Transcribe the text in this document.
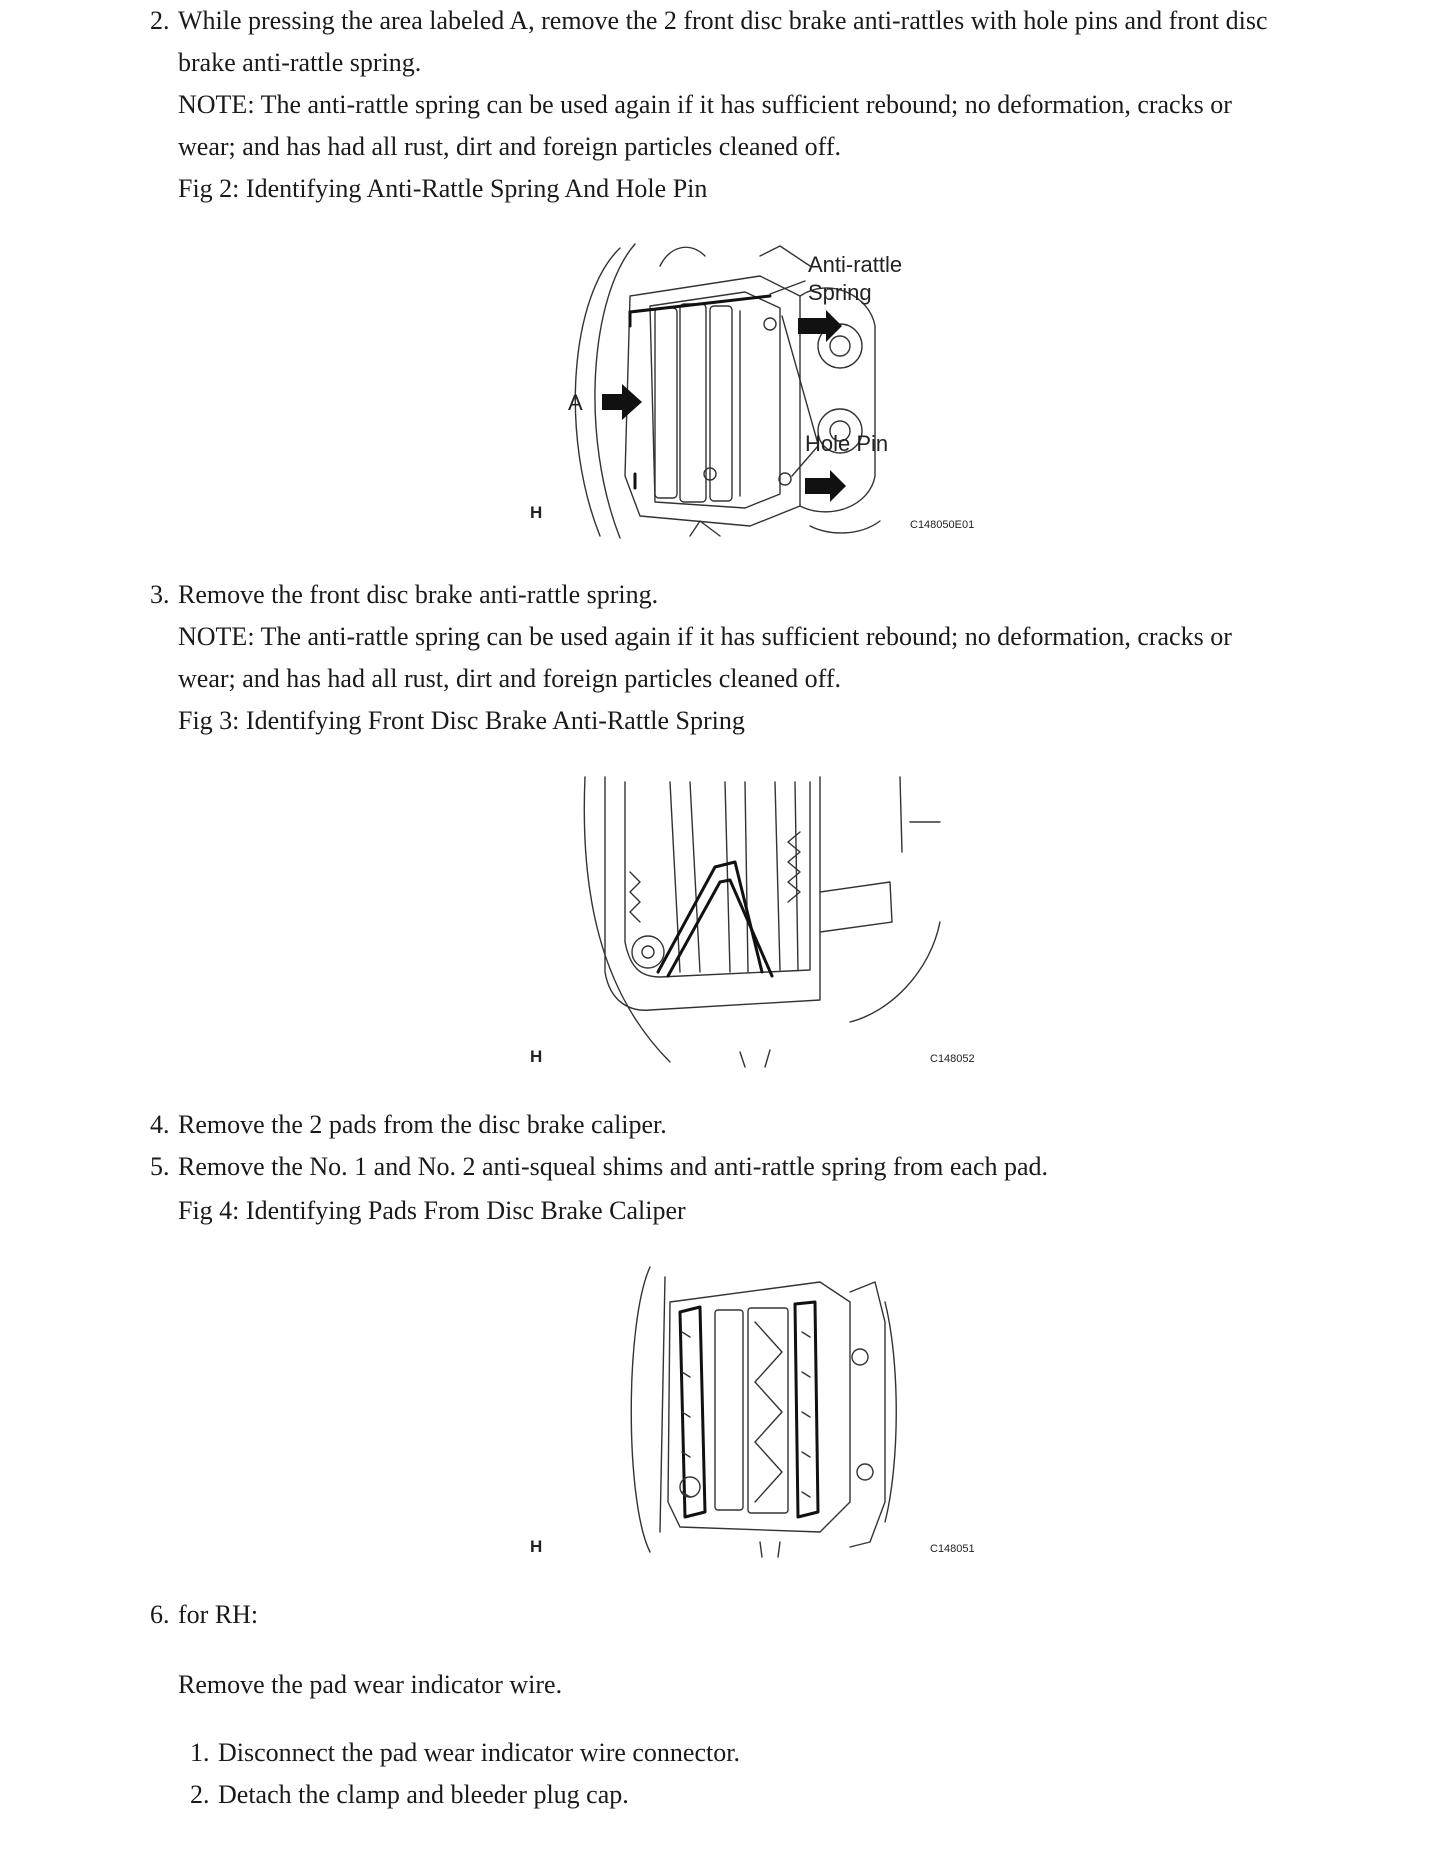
2. While pressing the area labeled A, remove the 2 front disc brake anti-rattles with hole pins and front disc
brake anti-rattle spring.
NOTE: The anti-rattle spring can be used again if it has sufficient rebound; no deformation, cracks or
wear; and has had all rust, dirt and foreign particles cleaned off.
Fig 2: Identifying Anti-Rattle Spring And Hole Pin
Anti-rattle
Spring
Hole Pin
A
H
C148050E01
3. Remove the front disc brake anti-rattle spring.
NOTE: The anti-rattle spring can be used again if it has sufficient rebound; no deformation, cracks or
wear; and has had all rust, dirt and foreign particles cleaned off.
Fig 3: Identifying Front Disc Brake Anti-Rattle Spring
H	C148052
4. Remove the 2 pads from the disc brake caliper.
5. Remove the No. 1 and No. 2 anti-squeal shims and anti-rattle spring from each pad.
Fig 4: Identifying Pads From Disc Brake Caliper
H	C148051
6. for RH:
Remove the pad wear indicator wire.
1. Disconnect the pad wear indicator wire connector.
2. Detach the clamp and bleeder plug cap.
